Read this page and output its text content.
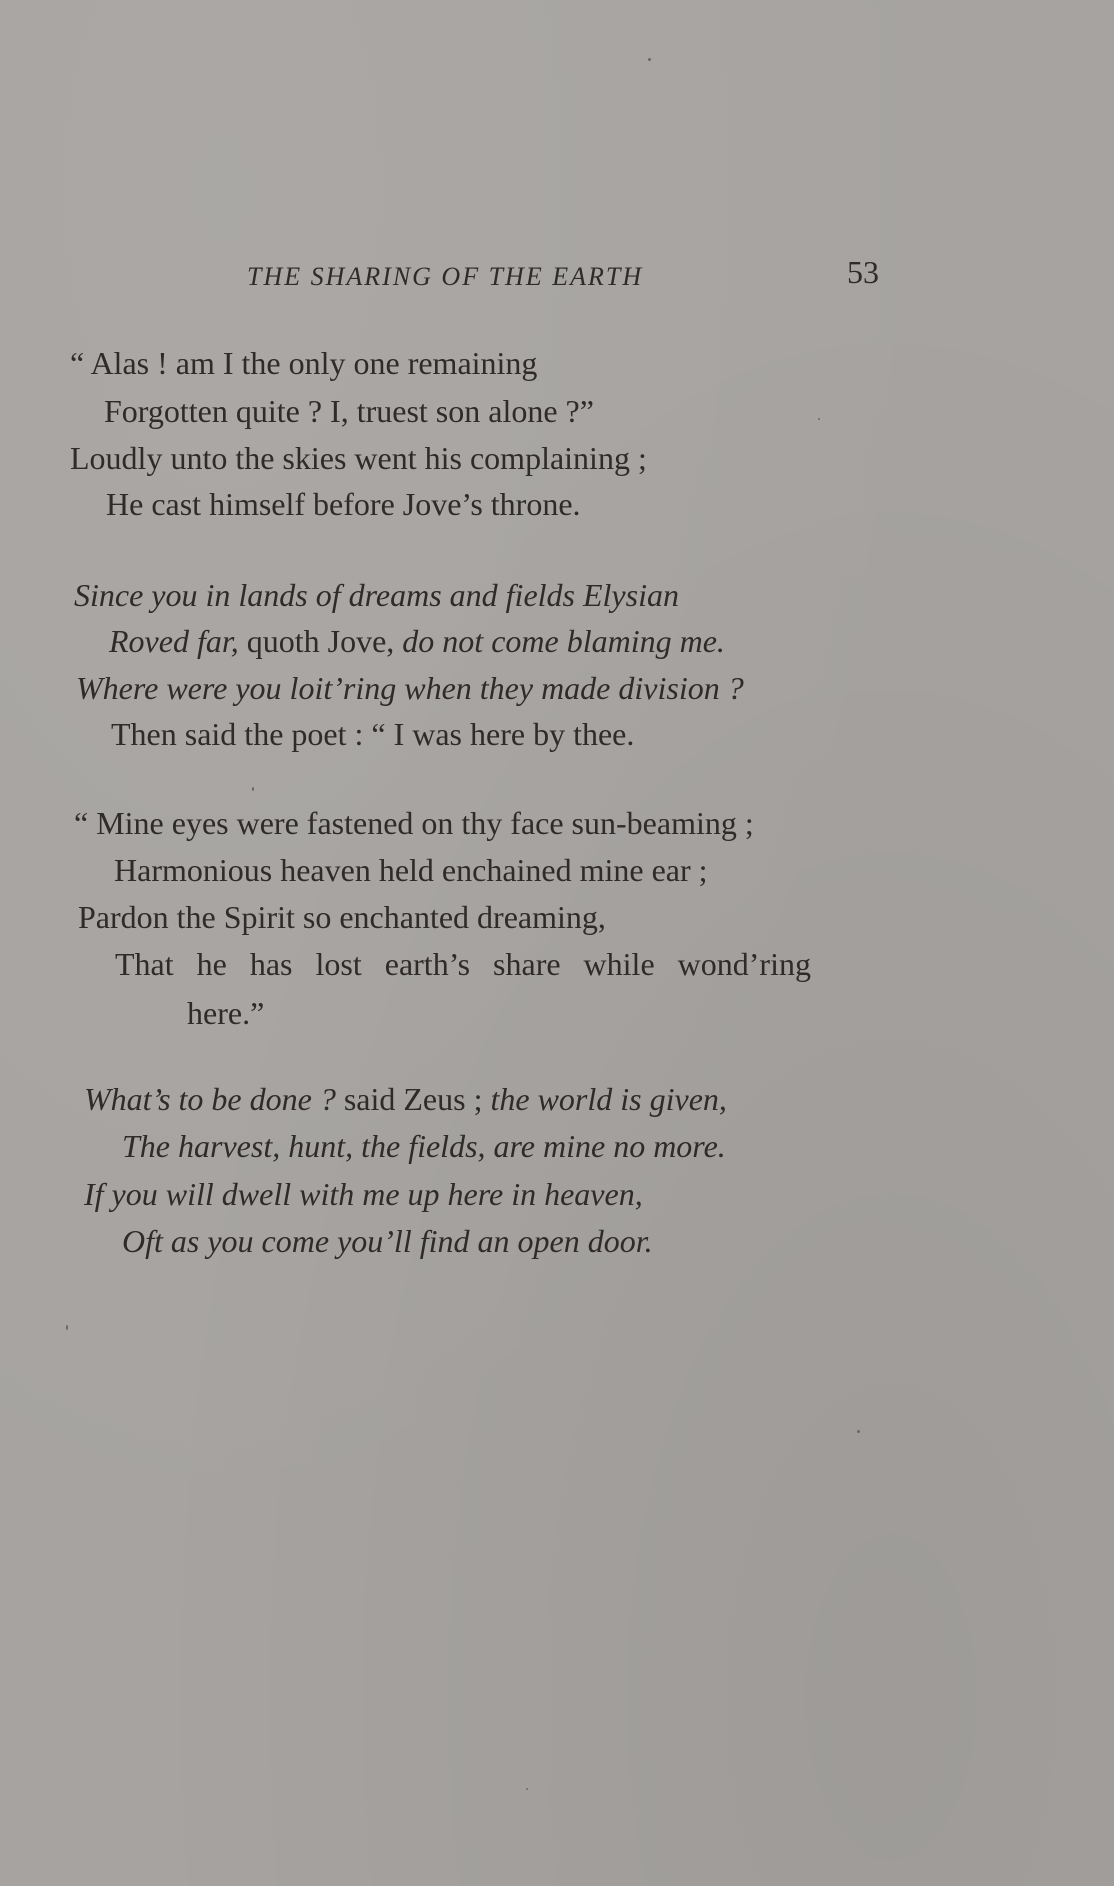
THE SHARING OF THE EARTH	53
“ Alas ! am I the only one remaining
Forgotten quite ? I, truest son alone ?”
Loudly unto the skies went his complaining ;
He cast himself before Jove’s throne.
Since you in lands of dreams and fields Elysian
Roved far, quoth Jove, do not come blaming me.
Where were you loit’ring when they made division ?
Then said the poet : “ I was here by thee.
“ Mine eyes were fastened on thy face sun-beaming ;
Harmonious heaven held enchained mine ear ;
Pardon the Spirit so enchanted dreaming,
That he has lost earth’s share while wond’ring
here.”
What’s to be done ? said Zeus ; the world is given,
The harvest, hunt, the fields, are mine no more.
If you will dwell with me up here in heaven,
Oft as you come you’ll find an open door.
